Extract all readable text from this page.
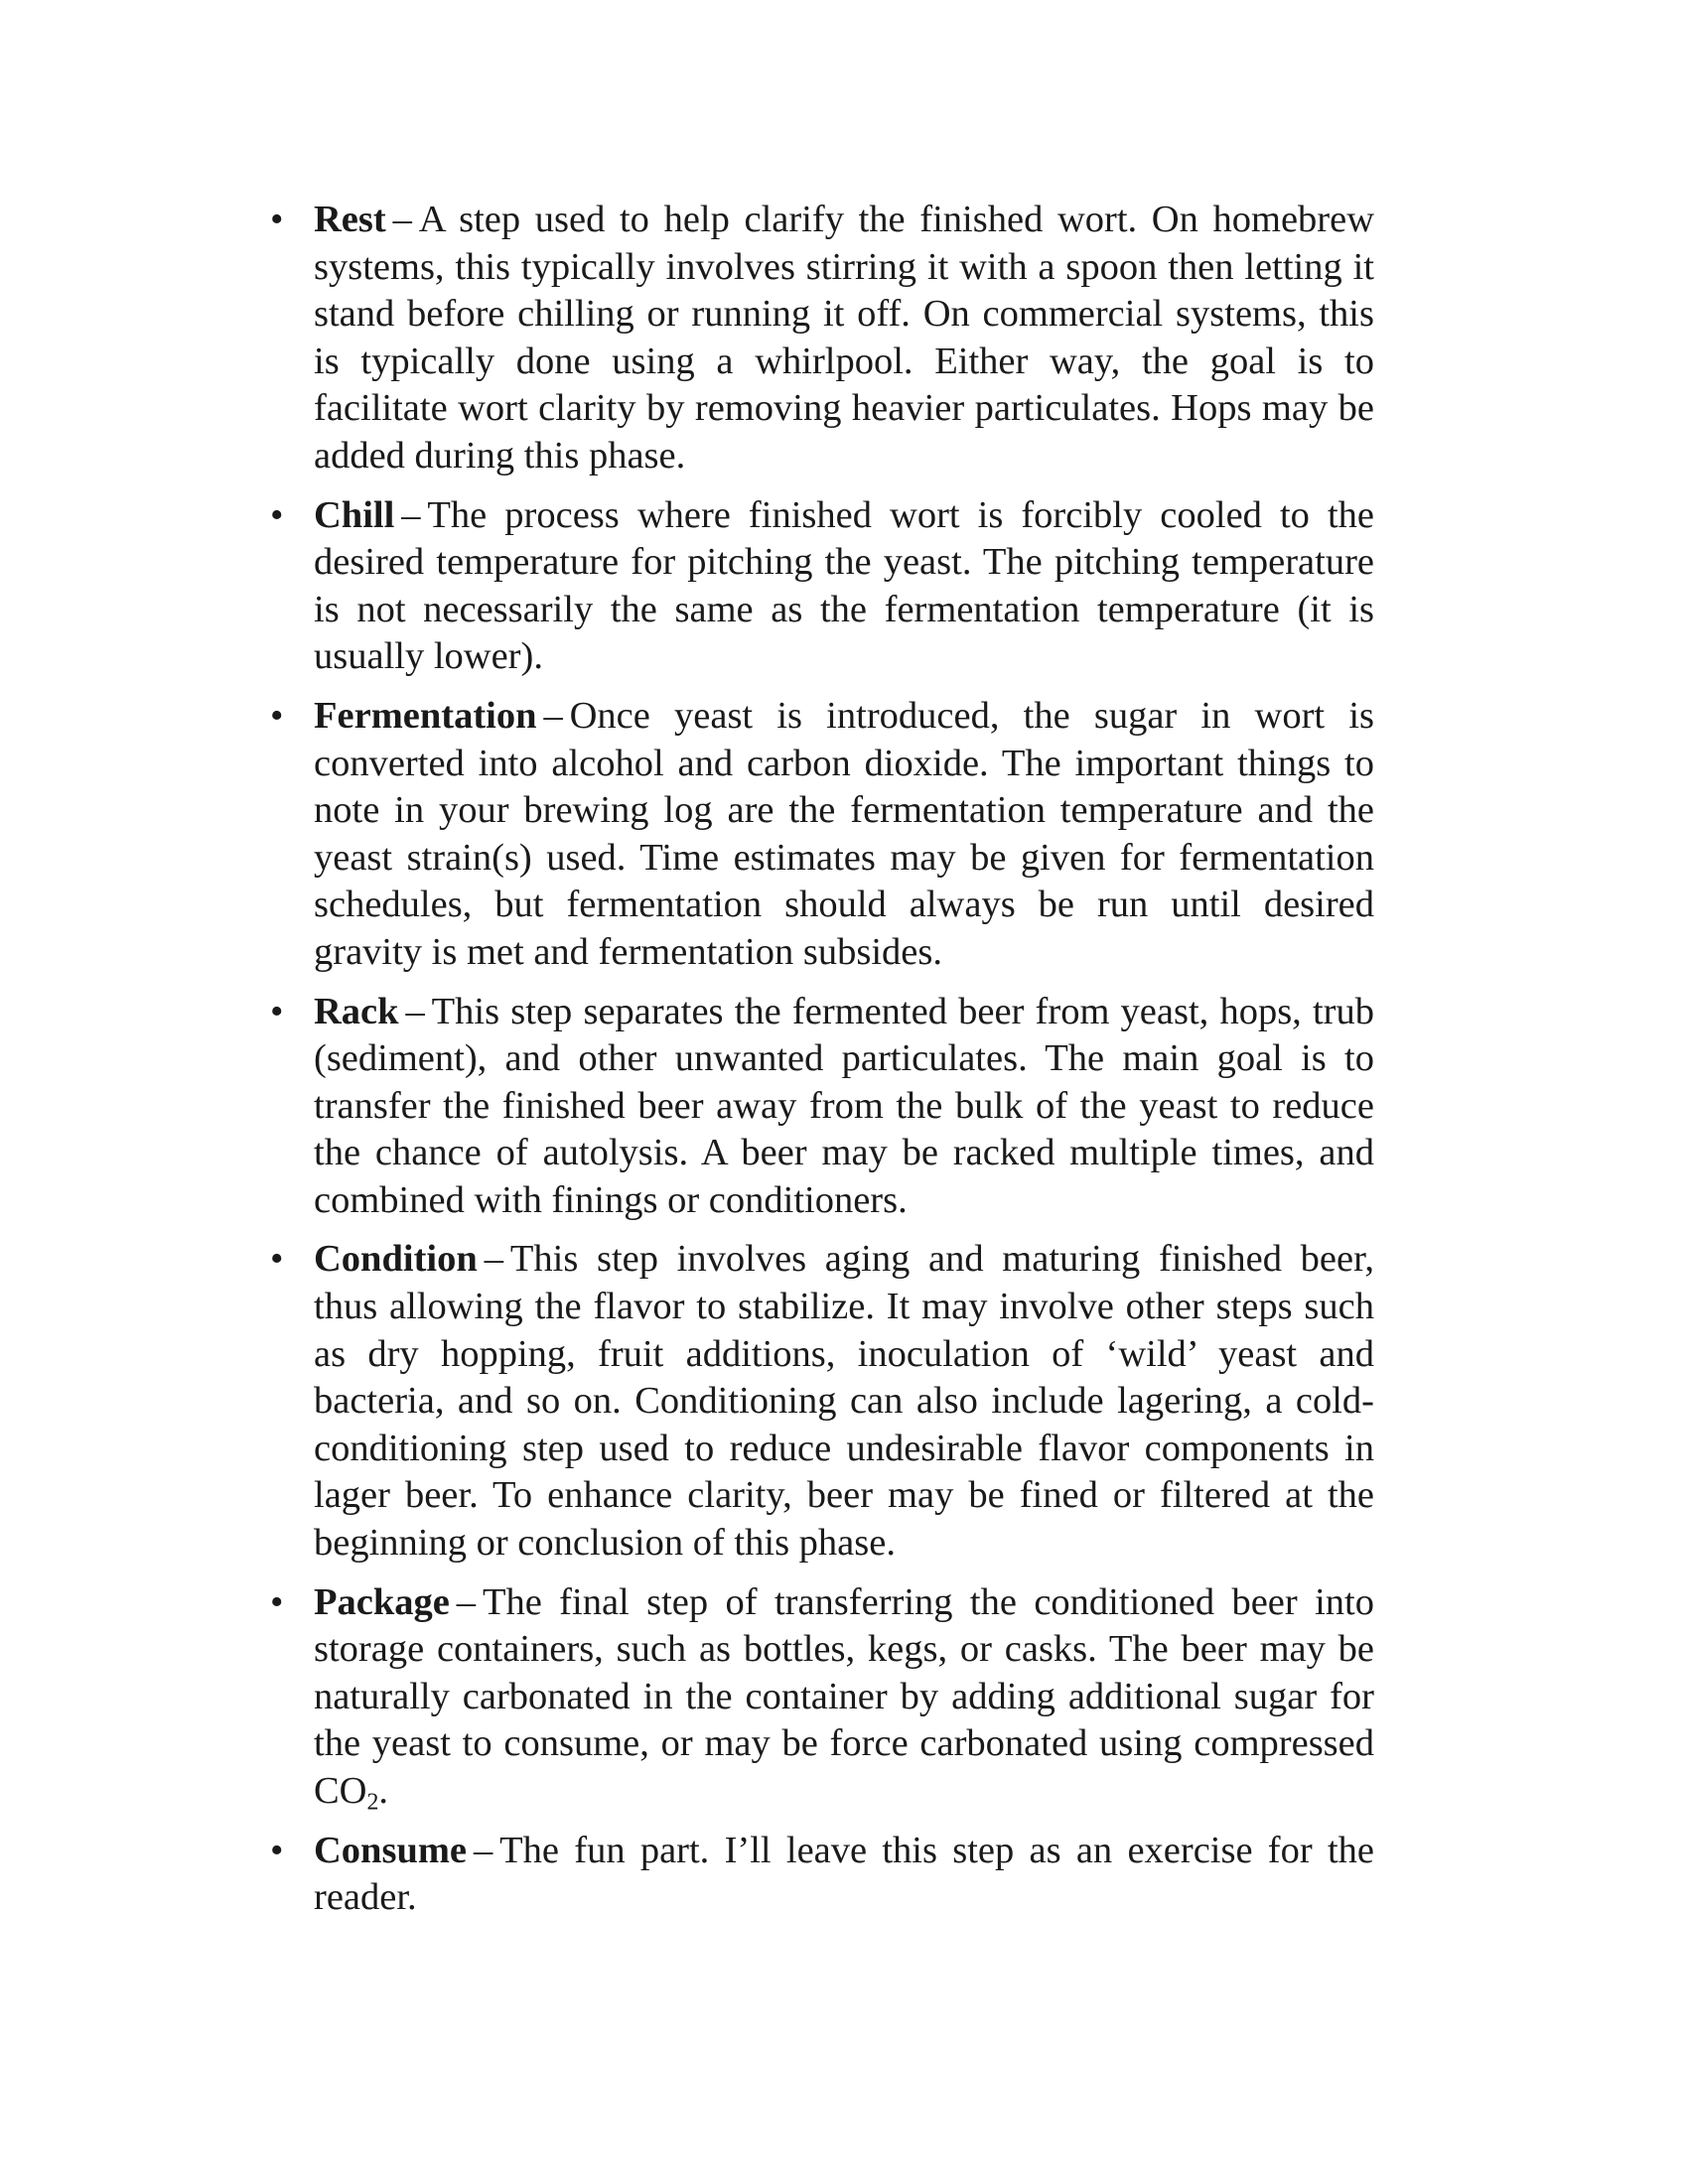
• Rest – A step used to help clarify the finished wort. On homebrew systems, this typically involves stirring it with a spoon then letting it stand before chilling or running it off. On commercial systems, this is typically done using a whirlpool. Either way, the goal is to facilitate wort clarity by removing heavier particulates. Hops may be added during this phase.
• Chill – The process where finished wort is forcibly cooled to the desired temperature for pitching the yeast. The pitching temperature is not necessarily the same as the fermentation temperature (it is usually lower).
• Fermentation – Once yeast is introduced, the sugar in wort is converted into alcohol and carbon dioxide. The important things to note in your brewing log are the fermentation temperature and the yeast strain(s) used. Time estimates may be given for fermentation schedules, but fermentation should always be run until desired gravity is met and fermentation subsides.
• Rack – This step separates the fermented beer from yeast, hops, trub (sediment), and other unwanted particulates. The main goal is to transfer the finished beer away from the bulk of the yeast to reduce the chance of autolysis. A beer may be racked multiple times, and combined with finings or conditioners.
• Condition – This step involves aging and maturing finished beer, thus allowing the flavor to stabilize. It may involve other steps such as dry hopping, fruit additions, inoculation of ‘wild’ yeast and bacteria, and so on. Conditioning can also include lagering, a cold-conditioning step used to reduce undesirable flavor components in lager beer. To enhance clarity, beer may be fined or filtered at the beginning or conclusion of this phase.
• Package – The final step of transferring the conditioned beer into storage containers, such as bottles, kegs, or casks. The beer may be naturally carbonated in the container by adding additional sugar for the yeast to consume, or may be force carbonated using compressed $CO_2$.
• Consume – The fun part. I’ll leave this step as an exercise for the reader.
